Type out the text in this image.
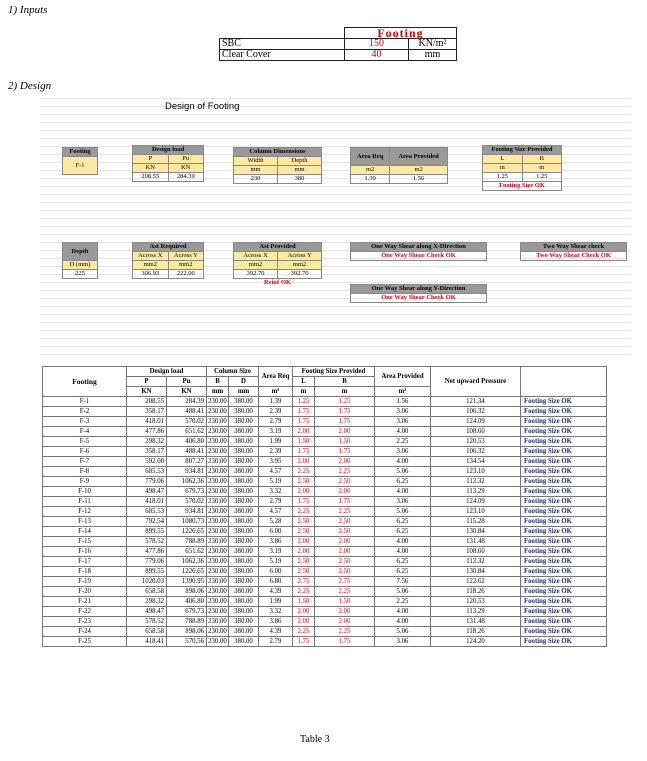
1) Inputs
2) Design
	Footing	
SBC	150	KN/m²
Clear Cover	40	mm
Design of Footing
Footing
F-1
Design load	
P	Pu
KN	KN
208.55	284.39
Column Dimensions	
Width	Depth
mm	mm
230	380
Area Req	Area Provided
m2	m2
1.39	1.56
Footing Size Provided	
L	B
m	m
1.25	1.25
Footing Size OK	
Depth
D (mm)
225
Ast Required	
Across X	Across Y
mm2	mm2
306.93	222.00
Ast Provided	
Across X	Across Y
mm2	mm2
392.70	392.70
Reinf OK	
One Way Shear along X-Direction
One Way Shear Check OK
One Way Shear along Y-Direction
One Way Shear Check OK
Two Way Shear check
Two Way Shear Check OK
Footing	Design load		Column Size		Area Req	Footing Size Provided		Area Provided	Net upward Pressure	
	P	Pu	B	D		L	B			
	KN	KN	mm	mm	m²	m	m	m²		
F-1	208.55	284.39	230.00	380.00	1.39	1.25	1.25	1.56	121.34	Footing Size OK
F-2	358.17	488.41	230.00	380.00	2.39	1.75	1.75	3.06	106.32	Footing Size OK
F-3	418.01	570.02	230.00	380.00	2.79	1.75	1.75	3.06	124.09	Footing Size OK
F-4	477.86	651.62	230.00	380.00	3.19	2.00	2.00	4.00	108.60	Footing Size OK
F-5	298.32	406.80	230.00	380.00	1.99	1.50	1.50	2.25	120.53	Footing Size OK
F-6	358.17	488.41	230.00	380.00	2.39	1.75	1.75	3.06	106.32	Footing Size OK
F-7	592.00	807.27	230.00	380.00	3.95	2.00	2.00	4.00	134.54	Footing Size OK
F-8	685.53	934.81	230.00	380.00	4.57	2.25	2.25	5.06	123.10	Footing Size OK
F-9	779.06	1062.36	230.00	380.00	5.19	2.50	2.50	6.25	113.32	Footing Size OK
F-10	498.47	679.73	230.00	380.00	3.32	2.00	2.00	4.00	113.29	Footing Size OK
F-11	418.01	570.02	230.00	380.00	2.79	1.75	1.75	3.06	124.09	Footing Size OK
F-12	685.53	934.81	230.00	380.00	4.57	2.25	2.25	5.06	123.10	Footing Size OK
F-13	792.54	1080.73	230.00	380.00	5.28	2.50	2.50	6.25	115.28	Footing Size OK
F-14	899.55	1226.65	230.00	380.00	6.00	2.50	2.50	6.25	130.84	Footing Size OK
F-15	578.52	788.89	230.00	380.00	3.86	2.00	2.00	4.00	131.48	Footing Size OK
F-16	477.86	651.62	230.00	380.00	3.19	2.00	2.00	4.00	108.60	Footing Size OK
F-17	779.06	1062.36	230.00	380.00	5.19	2.50	2.50	6.25	113.32	Footing Size OK
F-18	899.55	1226.65	230.00	380.00	6.00	2.50	2.50	6.25	130.84	Footing Size OK
F-19	1020.03	1390.95	230.00	380.00	6.80	2.75	2.75	7.56	122.62	Footing Size OK
F-20	658.58	898.06	230.00	380.00	4.39	2.25	2.25	5.06	118.26	Footing Size OK
F-21	298.32	406.80	230.00	380.00	1.99	1.50	1.50	2.25	120.53	Footing Size OK
F-22	498.47	679.73	230.00	380.00	3.32	2.00	2.00	4.00	113.29	Footing Size OK
F-23	578.52	788.89	230.00	380.00	3.86	2.00	2.00	4.00	131.48	Footing Size OK
F-24	658.58	898.06	230.00	380.00	4.39	2.25	2.25	5.06	118.26	Footing Size OK
F-25	418.41	570.56	230.00	380.00	2.79	1.75	1.75	3.06	124.20	Footing Size OK
Table 3
